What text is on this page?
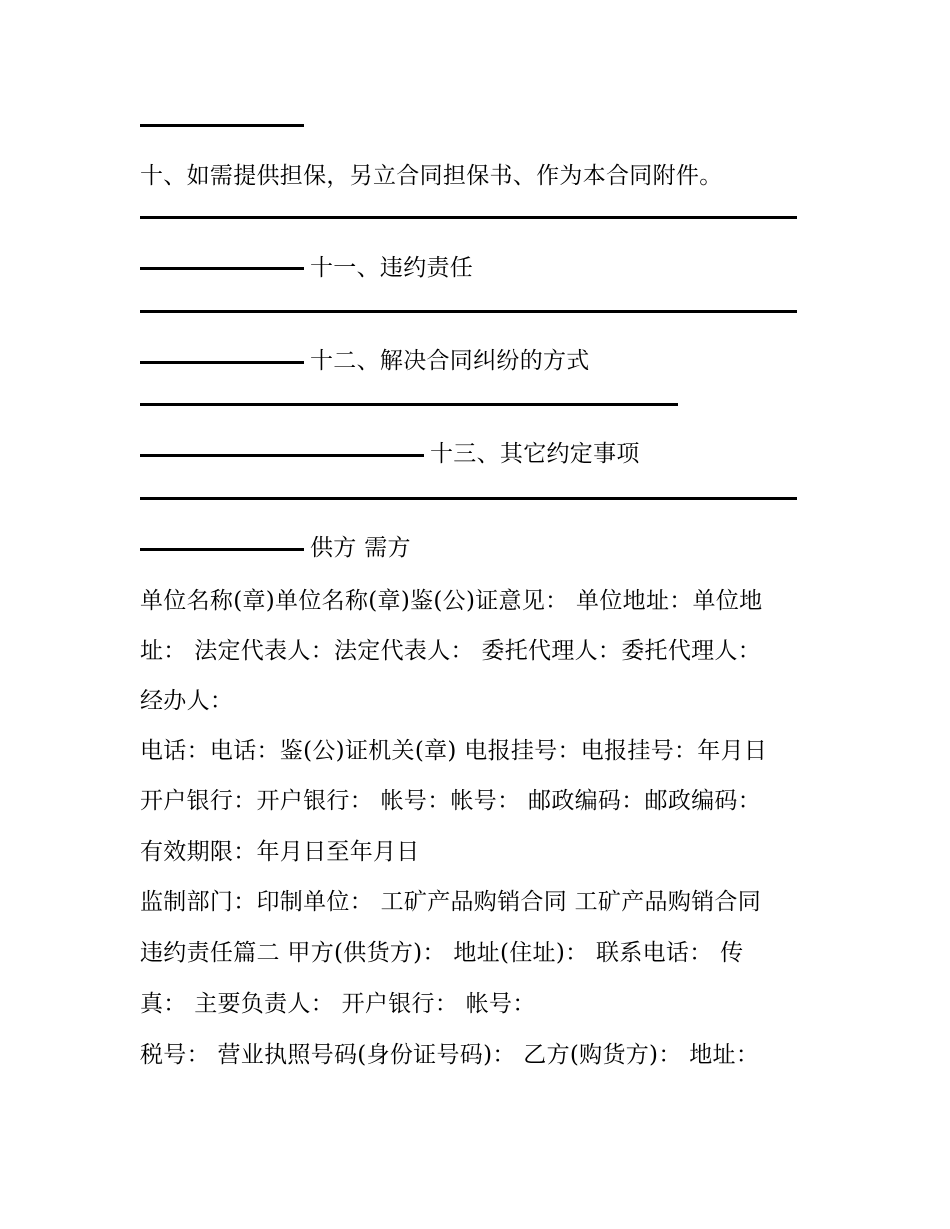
十、如需提供担保，另立合同担保书、作为本合同附件。
十一、违约责任
十二、解决合同纠纷的方式
十三、其它约定事项
供方 需方
单位名称(章)单位名称(章)鉴(公)证意见： 单位地址：单位地
址： 法定代表人：法定代表人： 委托代理人：委托代理人：
经办人：
电话：电话：鉴(公)证机关(章) 电报挂号：电报挂号：年月日
开户银行：开户银行： 帐号：帐号： 邮政编码：邮政编码：
有效期限：年月日至年月日
监制部门：印制单位： 工矿产品购销合同 工矿产品购销合同
违约责任篇二 甲方(供货方)： 地址(住址)： 联系电话： 传
真： 主要负责人： 开户银行： 帐号：
税号： 营业执照号码(身份证号码)： 乙方(购货方)： 地址：
